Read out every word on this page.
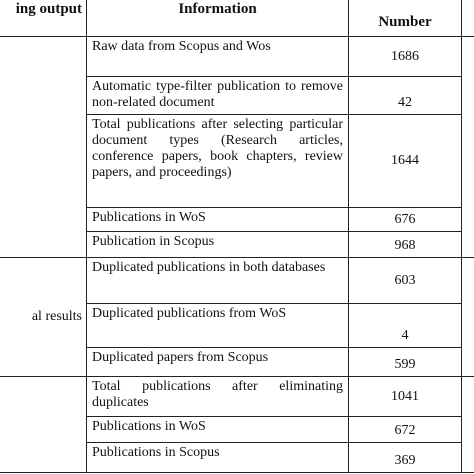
ing output	Information	Number	
	Raw data from Scopus and Wos	1686	
	Automatic type-filter publication to remove non-related document	42	
	Total publications after selecting particular document types (Research articles, conference papers, book chapters, review papers, and proceedings)	1644	
	Publications in WoS	676	
	Publication in Scopus	968	
al results	Duplicated publications in both databases	603	
	Duplicated publications from WoS	4	
	Duplicated papers from Scopus	599	
	Total publications after eliminating duplicates	1041	
	Publications in WoS	672	
	Publications in Scopus	369	
